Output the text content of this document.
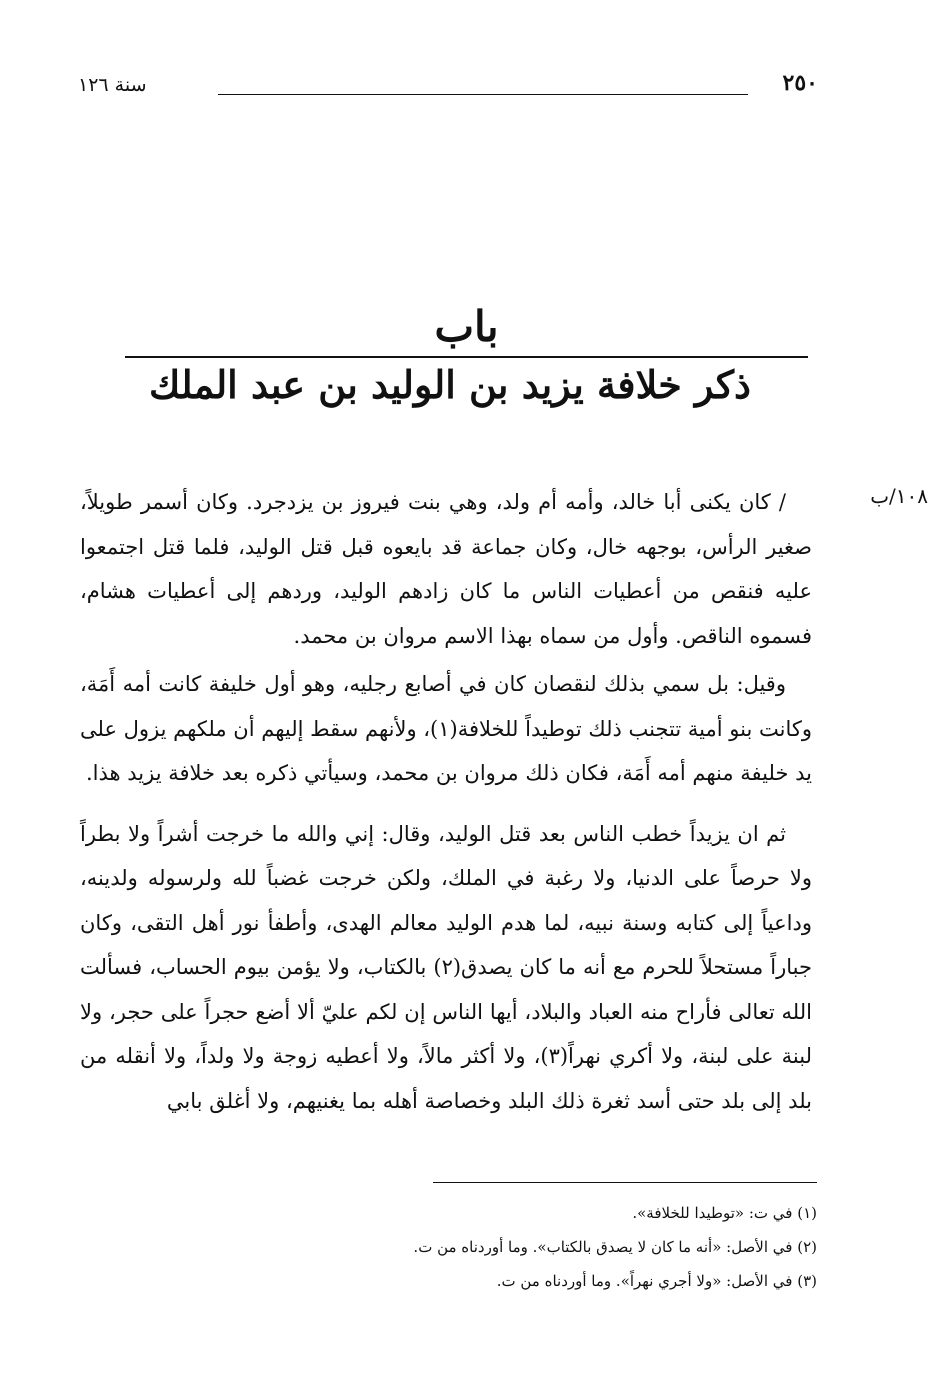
٢٥٠
سنة ١٢٦
باب
ذكر خلافة يزيد بن الوليد بن عبد الملك
١٠٨/ب

/ كان يكنى أبا خالد، وأمه أم ولد، وهي بنت فيروز بن يزدجرد. وكان أسمر طويلاً، صغير الرأس، بوجهه خال، وكان جماعة قد بايعوه قبل قتل الوليد، فلما قتل اجتمعوا عليه فنقص من أعطيات الناس ما كان زادهم الوليد، وردهم إلى أعطيات هشام، فسموه الناقص. وأول من سماه بهذا الاسم مروان بن محمد.

وقيل: بل سمي بذلك لنقصان كان في أصابع رجليه، وهو أول خليفة كانت أمه أَمَة، وكانت بنو أمية تتجنب ذلك توطيداً للخلافة(١)، ولأنهم سقط إليهم أن ملكهم يزول على يد خليفة منهم أمه أَمَة، فكان ذلك مروان بن محمد، وسيأتي ذكره بعد خلافة يزيد هذا.

ثم ان يزيداً خطب الناس بعد قتل الوليد، وقال: إني والله ما خرجت أشراً ولا بطراً ولا حرصاً على الدنيا، ولا رغبة في الملك، ولكن خرجت غضباً لله ولرسوله ولدينه، وداعياً إلى كتابه وسنة نبيه، لما هدم الوليد معالم الهدى، وأطفأ نور أهل التقى، وكان جباراً مستحلاً للحرم مع أنه ما كان يصدق(٢) بالكتاب، ولا يؤمن بيوم الحساب، فسألت الله تعالى فأراح منه العباد والبلاد، أيها الناس إن لكم عليّ ألا أضع حجراً على حجر، ولا لبنة على لبنة، ولا أكري نهراً(٣)، ولا أكثر مالاً، ولا أعطيه زوجة ولا ولداً، ولا أنقله من بلد إلى بلد حتى أسد ثغرة ذلك البلد وخصاصة أهله بما يغنيهم، ولا أغلق بابي

(١) في ت: «توطيدا للخلافة».

(٢) في الأصل: «أنه ما كان لا يصدق بالكتاب». وما أوردناه من ت.

(٣) في الأصل: «ولا أجري نهراً». وما أوردناه من ت.
